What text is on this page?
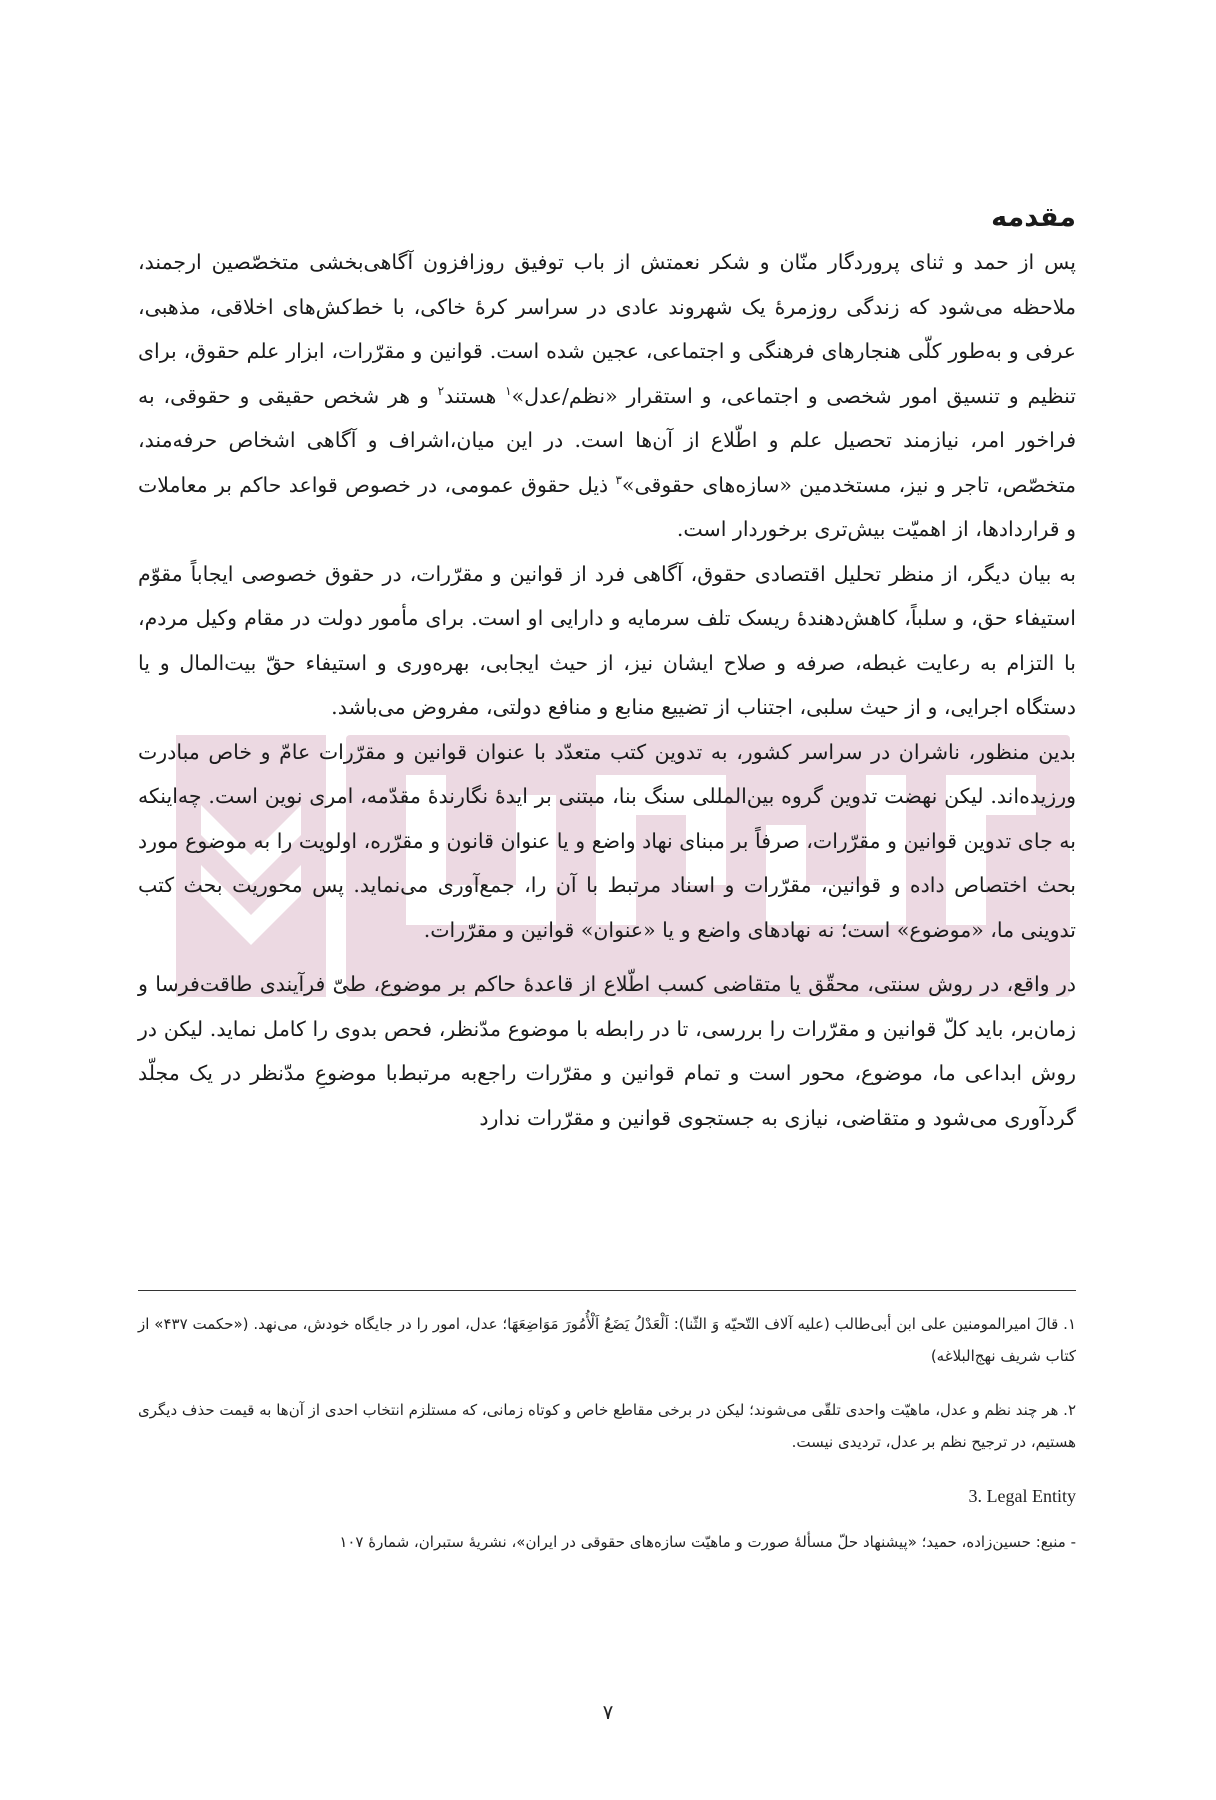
مقدمه

پس از حمد و ثنای پروردگار منّان و شکر نعمتش از باب توفیق روزافزون آگاهی‌بخشی متخصّصین ارجمند، ملاحظه می‌شود که زندگی روزمرهٔ یک شهروند عادی در سراسر کرهٔ خاکی، با خط‌کش‌های اخلاقی، مذهبی، عرفی و به‌طور کلّی هنجارهای فرهنگی و اجتماعی، عجین شده است. قوانین و مقرّرات، ابزار علم حقوق، برای تنظیم و تنسیق امور شخصی و اجتماعی، و استقرار «نظم/عدل»$^۱$ هستند$^۲$ و هر شخص حقیقی و حقوقی، به فراخور امر، نیازمند تحصیل علم و اطّلاع از آن‌ها است. در این میان،اشراف و آگاهی اشخاص حرفه‌مند، متخصّص، تاجر و نیز، مستخدمین «سازه‌های حقوقی»$^۳$ ذیل حقوق عمومی، در خصوص قواعد حاکم بر معاملات و قراردادها، از اهمیّت بیش‌تری برخوردار است.

به بیان دیگر، از منظر تحلیل اقتصادی حقوق، آگاهی فرد از قوانین و مقرّرات، در حقوق خصوصی ایجاباً مقوّم استیفاء حق، و سلباً، کاهش‌دهندهٔ ریسک تلف سرمایه و دارایی او است. برای مأمور دولت در مقام وکیل مردم، با التزام به رعایت غبطه، صرفه و صلاح ایشان نیز، از حیث ایجابی، بهره‌وری و استیفاء حقّ بیت‌المال و یا دستگاه اجرایی، و از حیث سلبی، اجتناب از تضییع منابع و منافع دولتی، مفروض می‌باشد.

بدین منظور، ناشران در سراسر کشور، به تدوین کتب متعدّد با عنوان قوانین و مقرّرات عامّ و خاص مبادرت ورزیده‌اند. لیکن نهضت تدوین گروه بین‌المللی سنگ بنا، مبتنی بر ایدهٔ نگارندهٔ مقدّمه، امری نوین است. چه‌اینکه به جای تدوین قوانین و مقرّرات، صرفاً بر مبنای نهاد واضع و یا عنوان قانون و مقرّره، اولویت را به موضوع مورد بحث اختصاص داده و قوانین، مقرّرات و اسناد مرتبط با آن را، جمع‌آوری می‌نماید. پس محوریت بحث کتب تدوینی ما، «موضوع» است؛ نه نهادهای واضع و یا «عنوان» قوانین و مقرّرات.

در واقع، در روش سنتی، محقّق یا متقاضی کسب اطّلاع از قاعدهٔ حاکم بر موضوع، طیّ فرآیندی طاقت‌فرسا و زمان‌بر، باید کلّ قوانین و مقرّرات را بررسی، تا در رابطه با موضوع مدّنظر، فحص بدوی را کامل نماید. لیکن در روش ابداعی ما، موضوع، محور است و تمام قوانین و مقرّرات راجع‌به مرتبط‌با موضوعِ مدّنظر در یک مجلّد گردآوری می‌شود و متقاضی، نیازی به جستجوی قوانین و مقرّرات ندارد

۱. قالَ امیرالمومنین علی ابن أبی‌طالب (علیه آلاف التّحیّه وَ الثّنا): اَلْعَدْلُ یَضَعُ اَلْأُمُورَ مَوَاضِعَهَا؛ عدل، امور را در جایگاه خودش، می‌نهد. («حکمت ۴۳۷» از کتاب شریف نهج‌البلاغه)

۲. هر چند نظم و عدل، ماهیّت واحدی تلقّی می‌شوند؛ لیکن در برخی مقاطع خاص و کوتاه زمانی، که مستلزم انتخاب احدی از آن‌ها به قیمت حذف دیگری هستیم، در ترجیح نظم بر عدل، تردیدی نیست.

3. Legal Entity

- منبع: حسین‌زاده، حمید؛ «پیشنهاد حلّ مسألهٔ صورت و ماهیّت سازه‌های حقوقی در ایران»، نشریهٔ ستبران، شمارهٔ ۱۰۷

۷
